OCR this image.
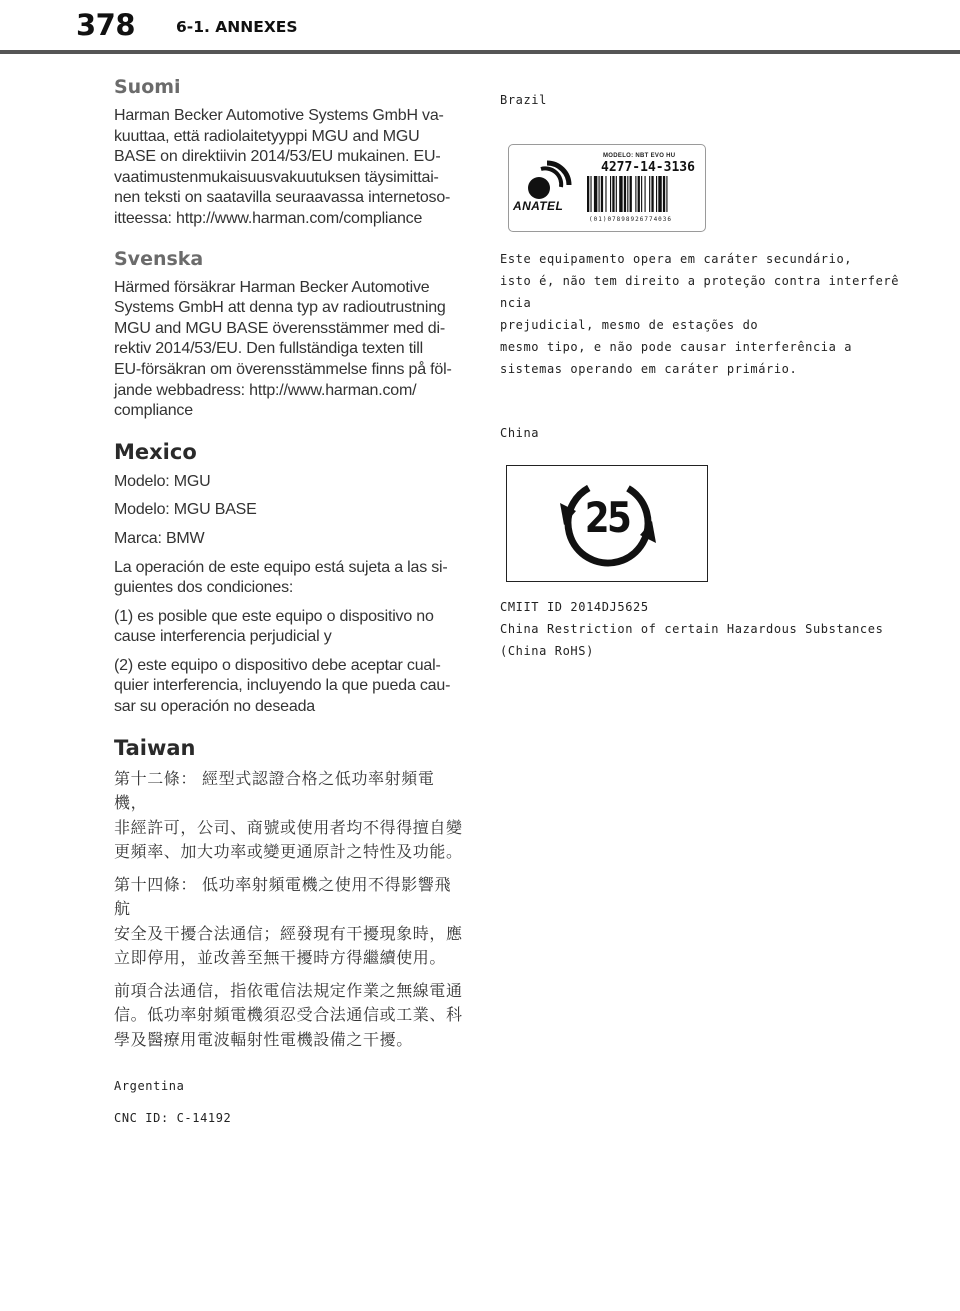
378	6-1. ANNEXES
Suomi
Harman Becker Automotive Systems GmbH va-
kuuttaa, että radiolaitetyyppi MGU and MGU
BASE on direktiivin 2014/53/EU mukainen. EU-
vaatimustenmukaisuusvakuutuksen täysimittai-
nen teksti on saatavilla seuraavassa internetoso-
itteessa: http://www.harman.com/compliance
Svenska
Härmed försäkrar Harman Becker Automotive
Systems GmbH att denna typ av radioutrustning
MGU and MGU BASE överensstämmer med di-
rektiv 2014/53/EU. Den fullständiga texten till
EU-försäkran om överensstämmelse finns på föl-
jande webbadress: http://www.harman.com/
compliance
Mexico
Modelo: MGU
Modelo: MGU BASE
Marca: BMW
La operación de este equipo está sujeta a las si-
guientes dos condiciones:
(1) es posible que este equipo o dispositivo no
cause interferencia perjudicial y
(2) este equipo o dispositivo debe aceptar cual-
quier interferencia, incluyendo la que pueda cau-
sar su operación no deseada
Taiwan
第十二條： 經型式認證合格之低功率射頻電機，
非經許可，公司、商號或使用者均不得得擅自變
更頻率、加大功率或變更通原計之特性及功能。
第十四條： 低功率射頻電機之使用不得影響飛航
安全及干擾合法通信；經發現有干擾現象時，應
立即停用，並改善至無干擾時方得繼續使用。
前項合法通信，指依電信法規定作業之無線電通
信。低功率射頻電機須忍受合法通信或工業、科
學及醫療用電波輻射性電機設備之干擾。
Argentina
CNC ID: C-14192
Brazil
ANATEL
MODELO: NBT EVO HU
4277-14-3136
(01)07898926774036
Este equipamento opera em caráter secundário,
isto é, não tem direito a proteção contra interferê
ncia
prejudicial, mesmo de estações do
mesmo tipo, e não pode causar interferência a
sistemas operando em caráter primário.
China
25
CMIIT ID 2014DJ5625
China Restriction of certain Hazardous Substances
(China RoHS)
